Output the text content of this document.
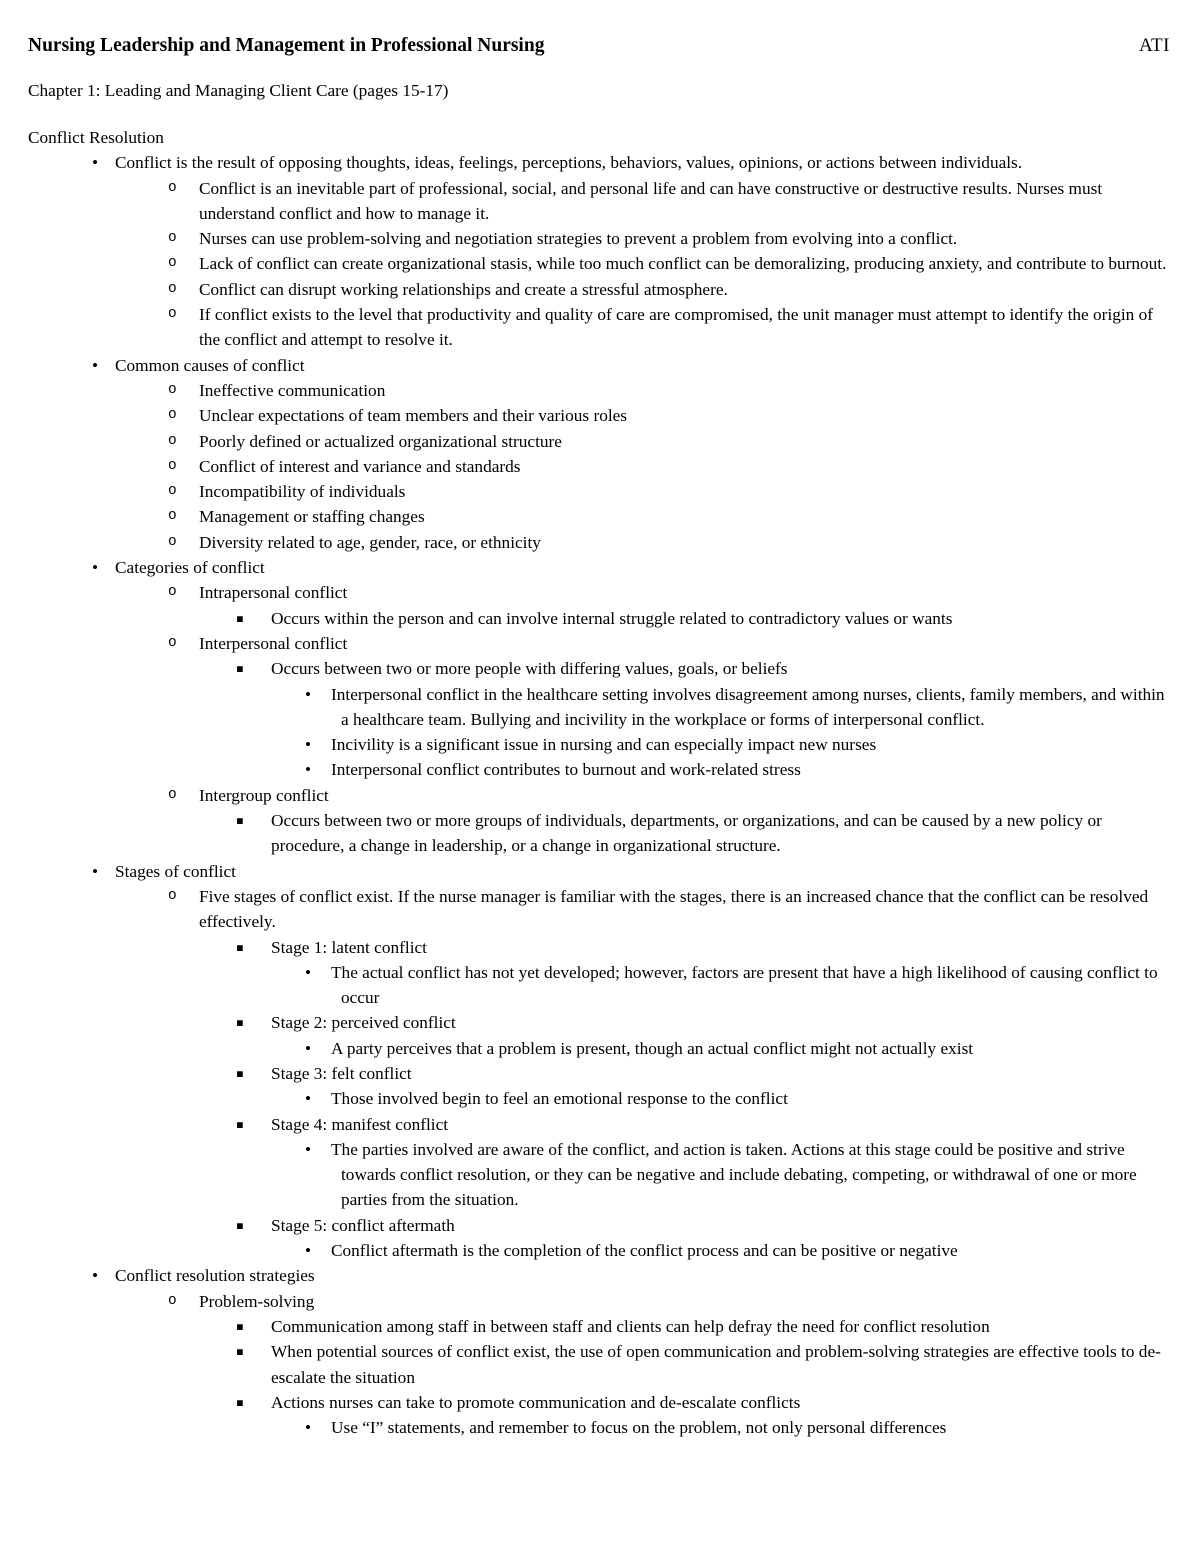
Nursing Leadership and Management in Professional Nursing	ATI
Chapter 1: Leading and Managing Client Care (pages 15-17)
Conflict Resolution
• Conflict is the result of opposing thoughts, ideas, feelings, perceptions, behaviors, values, opinions, or actions between individuals.
o Conflict is an inevitable part of professional, social, and personal life and can have constructive or destructive results. Nurses must understand conflict and how to manage it.
o Nurses can use problem-solving and negotiation strategies to prevent a problem from evolving into a conflict.
o Lack of conflict can create organizational stasis, while too much conflict can be demoralizing, producing anxiety, and contribute to burnout.
o Conflict can disrupt working relationships and create a stressful atmosphere.
o If conflict exists to the level that productivity and quality of care are compromised, the unit manager must attempt to identify the origin of the conflict and attempt to resolve it.
• Common causes of conflict
o Ineffective communication
o Unclear expectations of team members and their various roles
o Poorly defined or actualized organizational structure
o Conflict of interest and variance and standards
o Incompatibility of individuals
o Management or staffing changes
o Diversity related to age, gender, race, or ethnicity
• Categories of conflict
o Intrapersonal conflict
▪ Occurs within the person and can involve internal struggle related to contradictory values or wants
o Interpersonal conflict
▪ Occurs between two or more people with differing values, goals, or beliefs
• Interpersonal conflict in the healthcare setting involves disagreement among nurses, clients, family members, and within a healthcare team. Bullying and incivility in the workplace or forms of interpersonal conflict.
• Incivility is a significant issue in nursing and can especially impact new nurses
• Interpersonal conflict contributes to burnout and work-related stress
o Intergroup conflict
▪ Occurs between two or more groups of individuals, departments, or organizations, and can be caused by a new policy or procedure, a change in leadership, or a change in organizational structure.
• Stages of conflict
o Five stages of conflict exist. If the nurse manager is familiar with the stages, there is an increased chance that the conflict can be resolved effectively.
▪ Stage 1: latent conflict
• The actual conflict has not yet developed; however, factors are present that have a high likelihood of causing conflict to occur
▪ Stage 2: perceived conflict
• A party perceives that a problem is present, though an actual conflict might not actually exist
▪ Stage 3: felt conflict
• Those involved begin to feel an emotional response to the conflict
▪ Stage 4: manifest conflict
• The parties involved are aware of the conflict, and action is taken. Actions at this stage could be positive and strive towards conflict resolution, or they can be negative and include debating, competing, or withdrawal of one or more parties from the situation.
▪ Stage 5: conflict aftermath
• Conflict aftermath is the completion of the conflict process and can be positive or negative
• Conflict resolution strategies
o Problem-solving
▪ Communication among staff in between staff and clients can help defray the need for conflict resolution
▪ When potential sources of conflict exist, the use of open communication and problem-solving strategies are effective tools to de-escalate the situation
▪ Actions nurses can take to promote communication and de-escalate conflicts
• Use “I” statements, and remember to focus on the problem, not only personal differences
